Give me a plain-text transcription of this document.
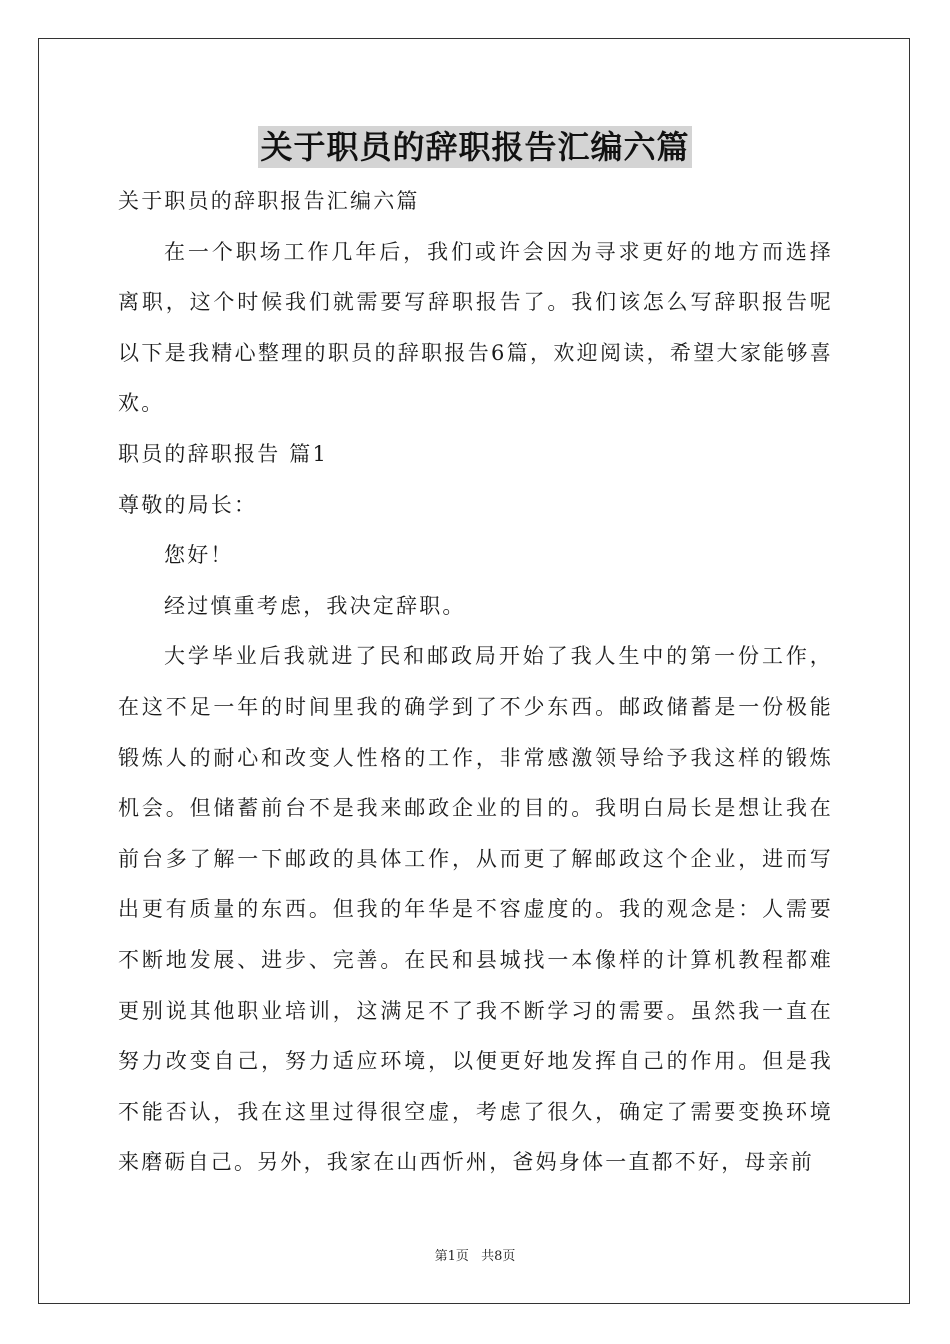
关于职员的辞职报告汇编六篇
关于职员的辞职报告汇编六篇

在一个职场工作几年后，我们或许会因为寻求更好的地方而选择离职，这个时候我们就需要写辞职报告了。我们该怎么写辞职报告呢以下是我精心整理的职员的辞职报告6篇，欢迎阅读，希望大家能够喜欢。

职员的辞职报告 篇1
尊敬的局长：

您好！

经过慎重考虑，我决定辞职。

大学毕业后我就进了民和邮政局开始了我人生中的第一份工作，在这不足一年的时间里我的确学到了不少东西。邮政储蓄是一份极能锻炼人的耐心和改变人性格的工作，非常感激领导给予我这样的锻炼机会。但储蓄前台不是我来邮政企业的目的。我明白局长是想让我在前台多了解一下邮政的具体工作，从而更了解邮政这个企业，进而写出更有质量的东西。但我的年华是不容虚度的。我的观念是：人需要不断地发展、进步、完善。在民和县城找一本像样的计算机教程都难更别说其他职业培训，这满足不了我不断学习的需要。虽然我一直在努力改变自己，努力适应环境，以便更好地发挥自己的作用。但是我不能否认，我在这里过得很空虚，考虑了很久，确定了需要变换环境来磨砺自己。另外，我家在山西忻州，爸妈身体一直都不好，母亲前

第1页 共8页
